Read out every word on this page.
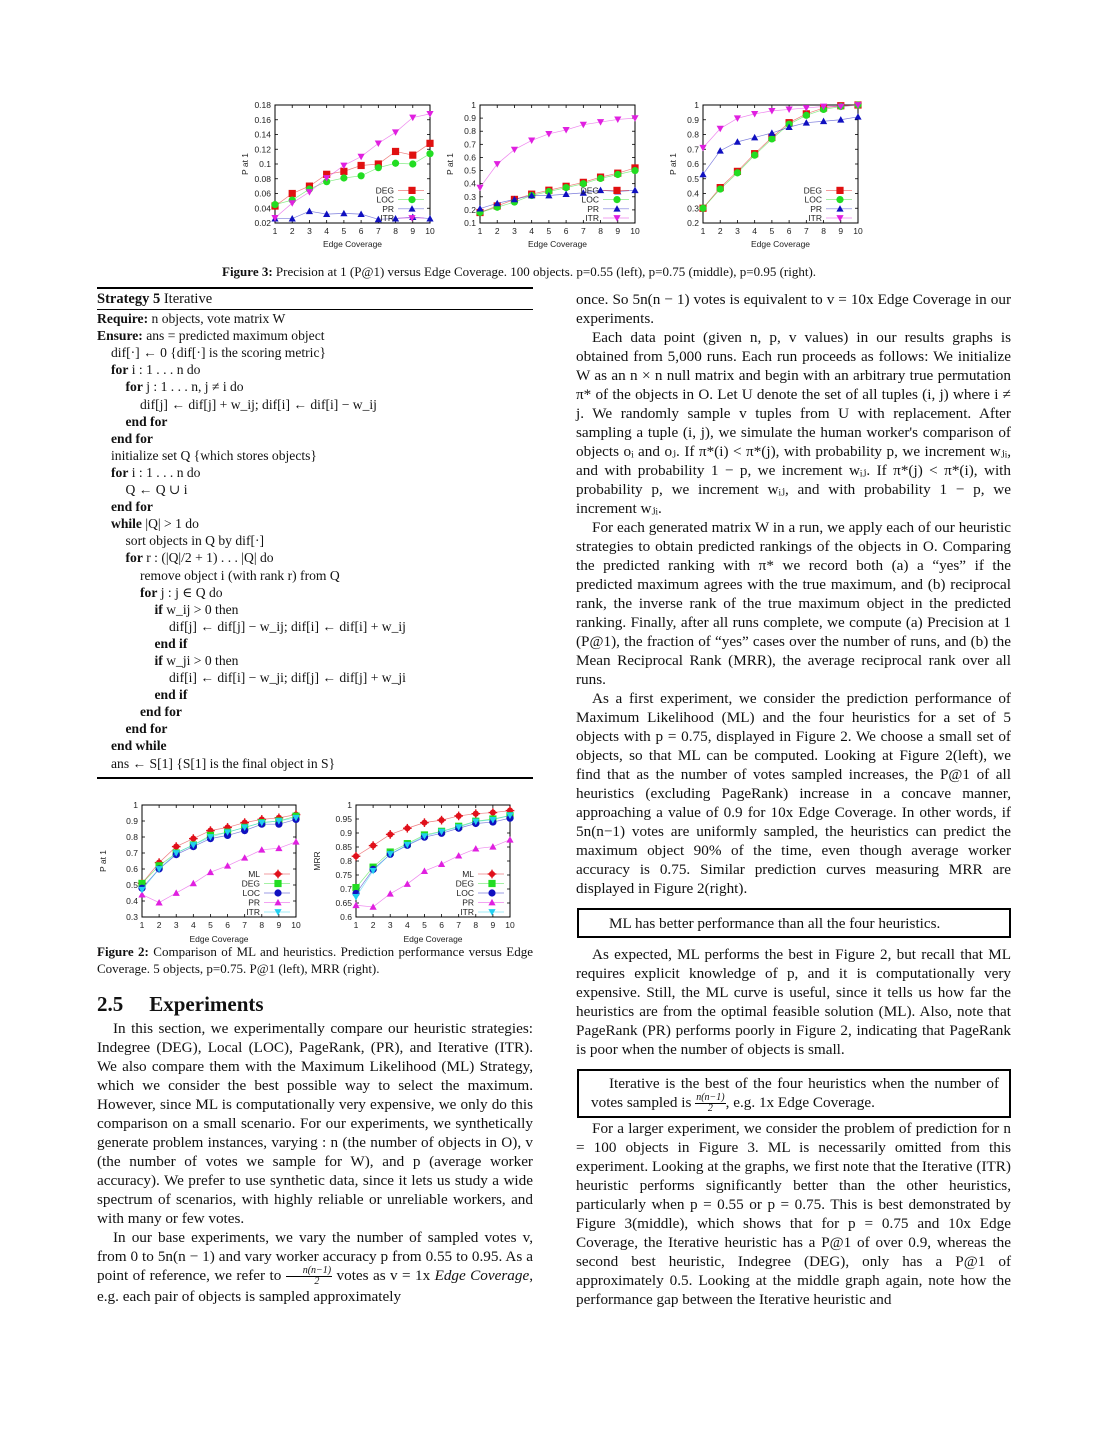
1 2 3 4 5 6 7 8 9 10
0.02
0.04
0.06
0.08
0.1
0.12
0.14
0.16
0.18
Edge Coverage
P at 1
DEG
LOC
PR
ITR
1 2 3 4 5 6 7 8 9 10
0.1
0.2
0.3
0.4
0.5
0.6
0.7
0.8
0.9
1
Edge Coverage
P at 1
DEG
LOC
PR
ITR
1 2 3 4 5 6 7 8 9 10
0.2
0.3
0.4
0.5
0.6
0.7
0.8
0.9
1
Edge Coverage
P at 1
DEG
LOC
PR
ITR
Figure 3: Precision at 1 (P@1) versus Edge Coverage. 100 objects. p=0.55 (left), p=0.75 (middle), p=0.95 (right).
Strategy 5 Iterative
Require: n objects, vote matrix W
Ensure: ans = predicted maximum object
dif[·] ← 0 {dif[·] is the scoring metric}
for i : 1 . . . n do
for j : 1 . . . n, j ≠ i do
dif[j] ← dif[j] + w_ij; dif[i] ← dif[i] − w_ij
end for
end for
initialize set Q {which stores objects}
for i : 1 . . . n do
Q ← Q ∪ i
end for
while |Q| > 1 do
sort objects in Q by dif[·]
for r : (|Q|/2 + 1) . . . |Q| do
remove object i (with rank r) from Q
for j : j ∈ Q do
if w_ij > 0 then
dif[j] ← dif[j] − w_ij; dif[i] ← dif[i] + w_ij
end if
if w_ji > 0 then
dif[i] ← dif[i] − w_ji; dif[j] ← dif[j] + w_ji
end if
end for
end for
end while
ans ← S[1] {S[1] is the final object in S}
1 2 3 4 5 6 7 8 9 10
0.3
0.4
0.5
0.6
0.7
0.8
0.9
1
Edge Coverage
P at 1
ML
DEG
LOC
PR
ITR
1 2 3 4 5 6 7 8 9 10
0.6
0.65
0.7
0.75
0.8
0.85
0.9
0.95
1
Edge Coverage
MRR
ML
DEG
LOC
PR
ITR
Figure 2: Comparison of ML and heuristics. Prediction performance versus Edge Coverage. 5 objects, p=0.75. P@1 (left), MRR (right).
2.5 Experiments

In this section, we experimentally compare our heuristic strategies: Indegree (DEG), Local (LOC), PageRank, (PR), and Iterative (ITR). We also compare them with the Maximum Likelihood (ML) Strategy, which we consider the best possible way to select the maximum. However, since ML is computationally very expensive, we only do this comparison on a small scenario. For our experiments, we synthetically generate problem instances, varying : n (the number of objects in O), v (the number of votes we sample for W), and p (average worker accuracy). We prefer to use synthetic data, since it lets us study a wide spectrum of scenarios, with highly reliable or unreliable workers, and with many or few votes.

In our base experiments, we vary the number of sampled votes v, from 0 to 5n(n − 1) and vary worker accuracy p from 0.55 to 0.95. As a point of reference, we refer to $\frac{n(n-1)}{2}$ votes as v = 1x Edge Coverage, e.g. each pair of objects is sampled approximately

once. So 5n(n − 1) votes is equivalent to v = 10x Edge Coverage in our experiments.

Each data point (given n, p, v values) in our results graphs is obtained from 5,000 runs. Each run proceeds as follows: We initialize W as an n × n null matrix and begin with an arbitrary true permutation π* of the objects in O. Let U denote the set of all tuples (i, j) where i ≠ j. We randomly sample v tuples from U with replacement. After sampling a tuple (i, j), we simulate the human worker's comparison of objects oᵢ and oⱼ. If π*(i) < π*(j), with probability p, we increment wⱼᵢ, and with probability 1 − p, we increment wᵢⱼ. If π*(j) < π*(i), with probability p, we increment wᵢⱼ, and with probability 1 − p, we increment wⱼᵢ.

For each generated matrix W in a run, we apply each of our heuristic strategies to obtain predicted rankings of the objects in O. Comparing the predicted ranking with π* we record both (a) a “yes” if the predicted maximum agrees with the true maximum, and (b) reciprocal rank, the inverse rank of the true maximum object in the predicted ranking. Finally, after all runs complete, we compute (a) Precision at 1 (P@1), the fraction of “yes” cases over the number of runs, and (b) the Mean Reciprocal Rank (MRR), the average reciprocal rank over all runs.

As a first experiment, we consider the prediction performance of Maximum Likelihood (ML) and the four heuristics for a set of 5 objects with p = 0.75, displayed in Figure 2. We choose a small set of objects, so that ML can be computed. Looking at Figure 2(left), we find that as the number of votes sampled increases, the P@1 of all heuristics (excluding PageRank) increase in a concave manner, approaching a value of 0.9 for 10x Edge Coverage. In other words, if 5n(n−1) votes are uniformly sampled, the heuristics can predict the maximum object 90% of the time, even though average worker accuracy is 0.75. Similar prediction curves measuring MRR are displayed in Figure 2(right).

ML has better performance than all the four heuristics.

As expected, ML performs the best in Figure 2, but recall that ML requires explicit knowledge of p, and it is computationally very expensive. Still, the ML curve is useful, since it tells us how far the heuristics are from the optimal feasible solution (ML). Also, note that PageRank (PR) performs poorly in Figure 2, indicating that PageRank is poor when the number of objects is small.

Iterative is the best of the four heuristics when the number of votes sampled is $\frac{n(n-1)}{2}$ , e.g. 1x Edge Coverage.

For a larger experiment, we consider the problem of prediction for n = 100 objects in Figure 3. ML is necessarily omitted from this experiment. Looking at the graphs, we first note that the Iterative (ITR) heuristic performs significantly better than the other heuristics, particularly when p = 0.55 or p = 0.75. This is best demonstrated by Figure 3(middle), which shows that for p = 0.75 and 10x Edge Coverage, the Iterative heuristic has a P@1 of over 0.9, whereas the second best heuristic, Indegree (DEG), only has a P@1 of approximately 0.5. Looking at the middle graph again, note how the performance gap between the Iterative heuristic and
